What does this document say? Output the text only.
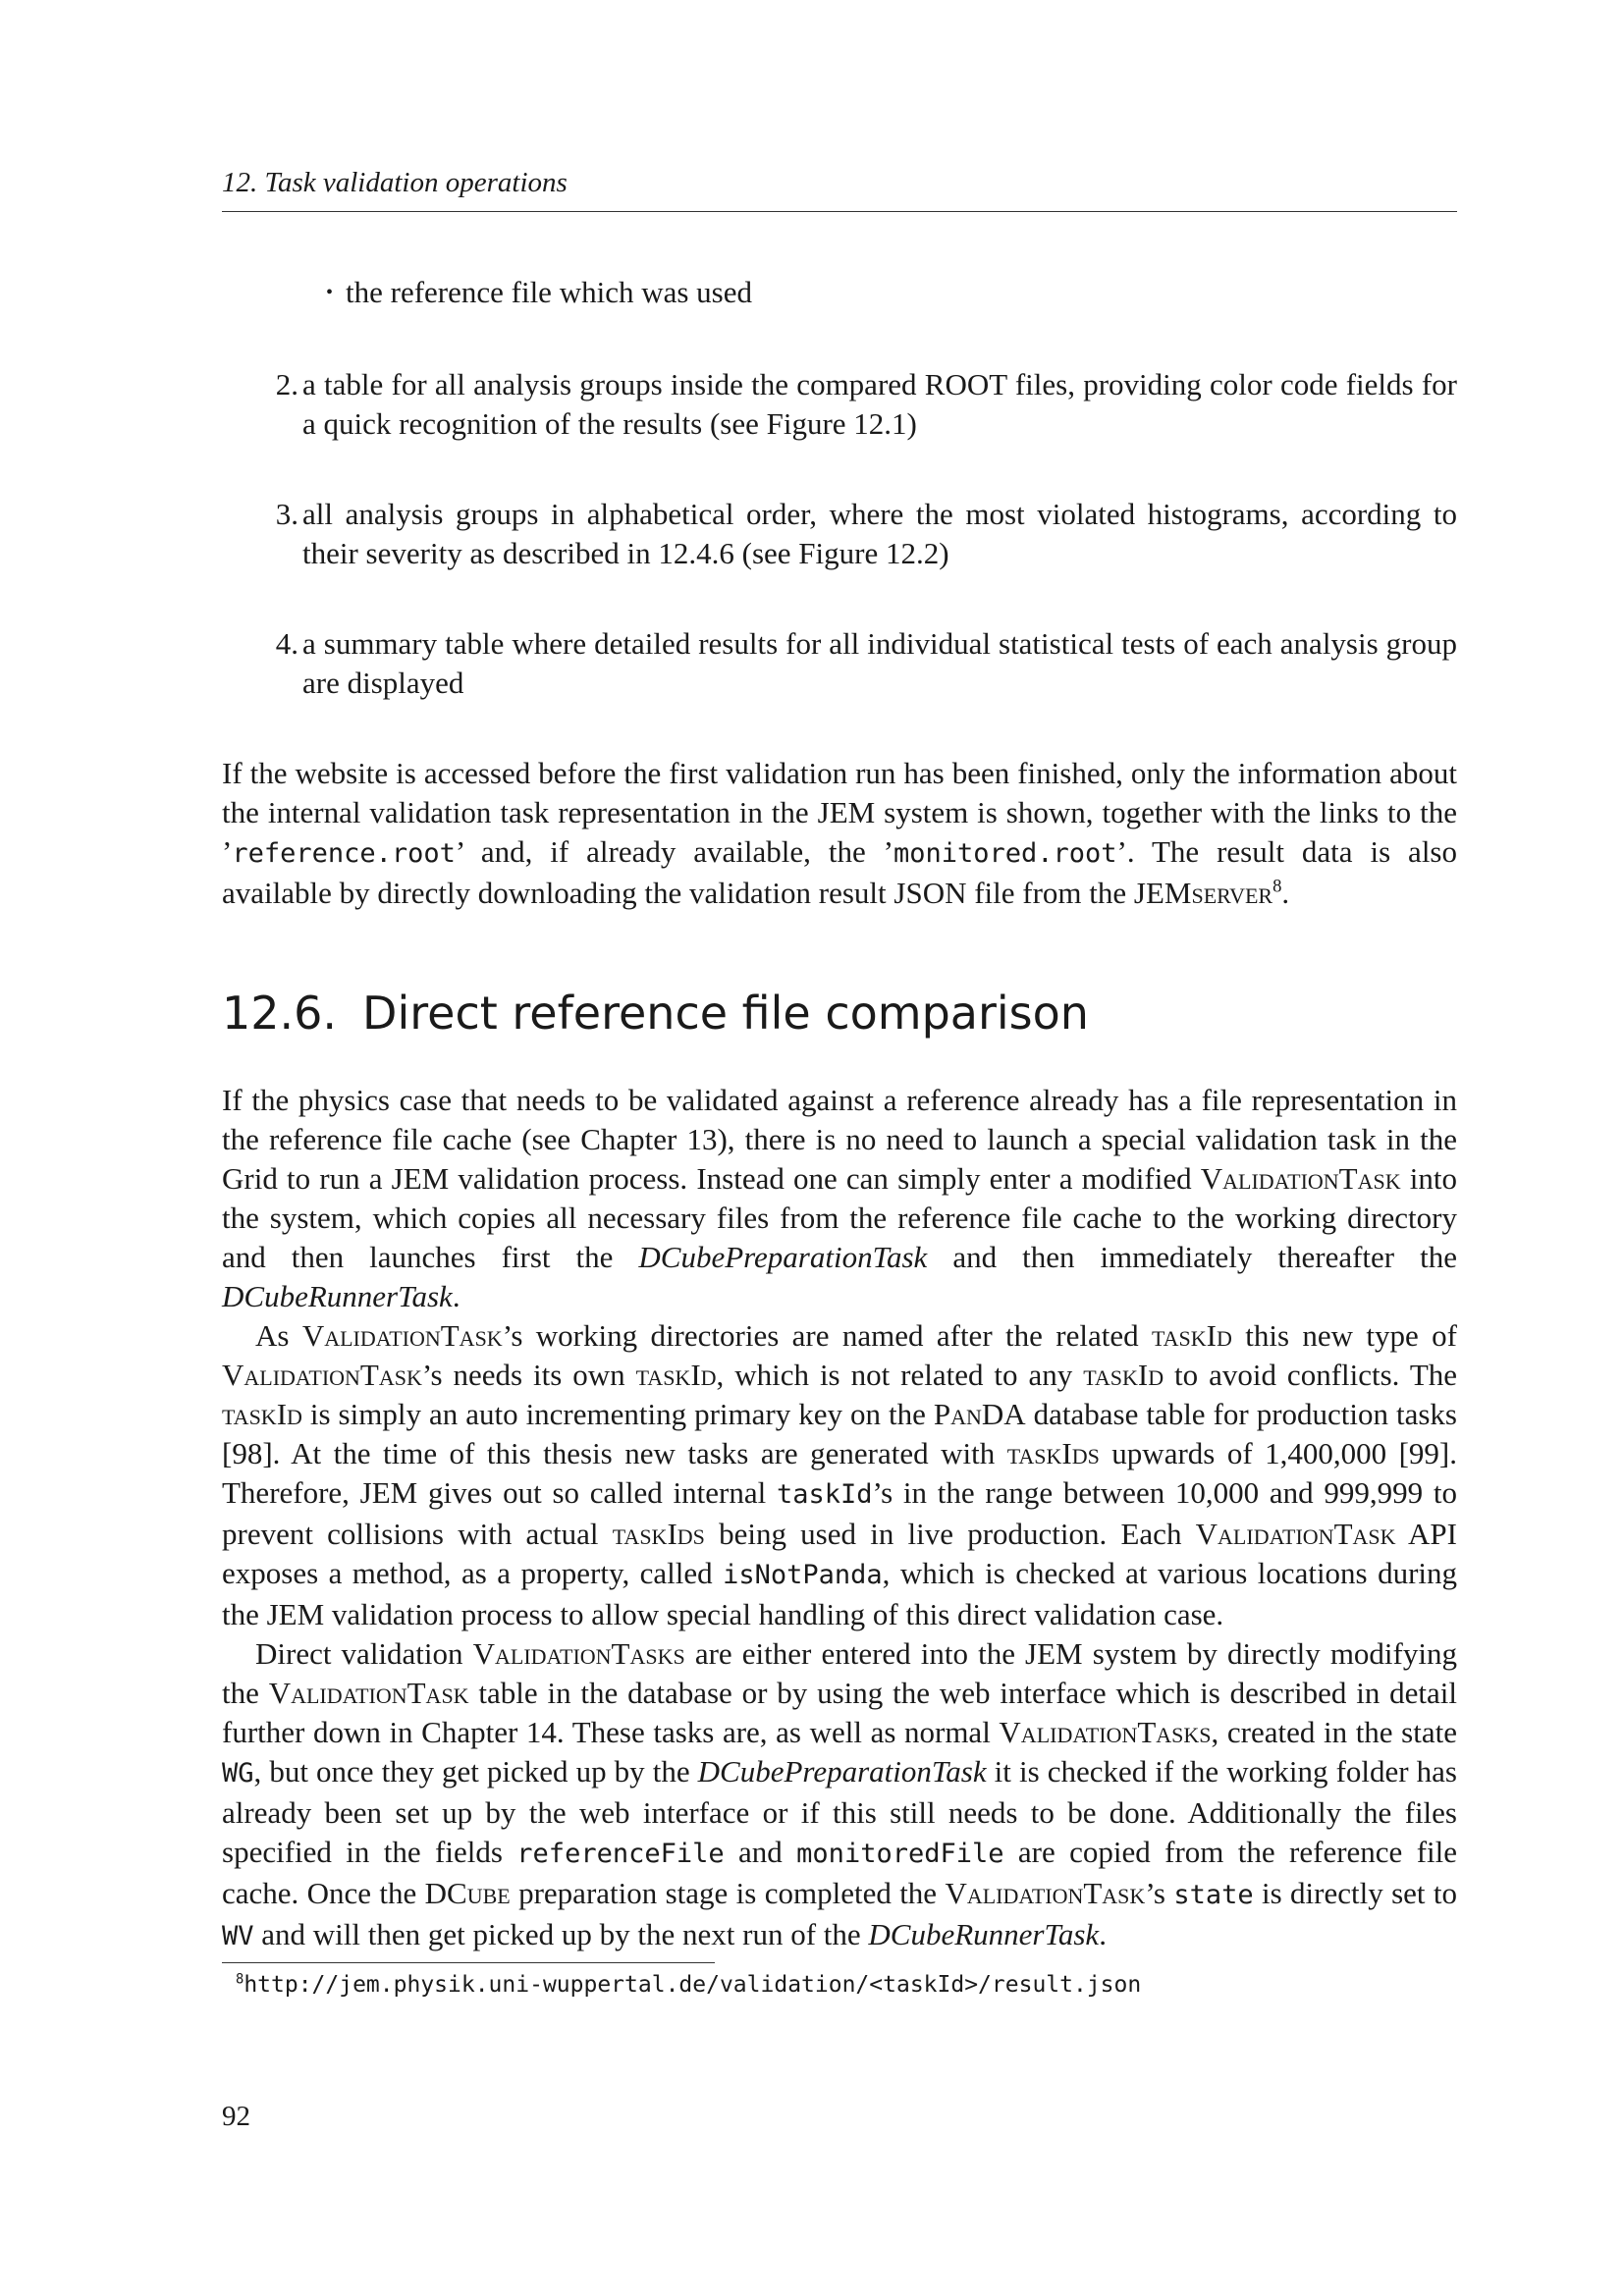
12. Task validation operations
• the reference file which was used
2. a table for all analysis groups inside the compared ROOT files, providing color code fields for a quick recognition of the results (see Figure 12.1)
3. all analysis groups in alphabetical order, where the most violated histograms, according to their severity as described in 12.4.6 (see Figure 12.2)
4. a summary table where detailed results for all individual statistical tests of each analysis group are displayed

If the website is accessed before the first validation run has been finished, only the information about the internal validation task representation in the JEM system is shown, together with the links to the ’reference.root’ and, if already available, the ’monitored.root’. The result data is also available by directly downloading the validation result JSON file from the JEMserver$^8$.

12.6. Direct reference file comparison

If the physics case that needs to be validated against a reference already has a file representation in the reference file cache (see Chapter 13), there is no need to launch a special validation task in the Grid to run a JEM validation process. Instead one can simply enter a modified ValidationTask into the system, which copies all necessary files from the reference file cache to the working directory and then launches first the DCubePreparationTask and then immediately thereafter the DCubeRunnerTask.

As ValidationTask’s working directories are named after the related taskId this new type of ValidationTask’s needs its own taskId, which is not related to any taskId to avoid conflicts. The taskId is simply an auto incrementing primary key on the PanDA database table for production tasks [98]. At the time of this thesis new tasks are generated with taskIds upwards of 1,400,000 [99]. Therefore, JEM gives out so called internal taskId’s in the range between 10,000 and 999,999 to prevent collisions with actual taskIds being used in live production. Each ValidationTask API exposes a method, as a property, called isNotPanda, which is checked at various locations during the JEM validation process to allow special handling of this direct validation case.

Direct validation ValidationTasks are either entered into the JEM system by directly modifying the ValidationTask table in the database or by using the web interface which is described in detail further down in Chapter 14. These tasks are, as well as normal ValidationTasks, created in the state WG, but once they get picked up by the DCubePreparationTask it is checked if the working folder has already been set up by the web interface or if this still needs to be done. Additionally the files specified in the fields referenceFile and monitoredFile are copied from the reference file cache. Once the DCube preparation stage is completed the ValidationTask’s state is directly set to WV and will then get picked up by the next run of the DCubeRunnerTask.

$^8$http://jem.physik.uni-wuppertal.de/validation/<taskId>/result.json
92
